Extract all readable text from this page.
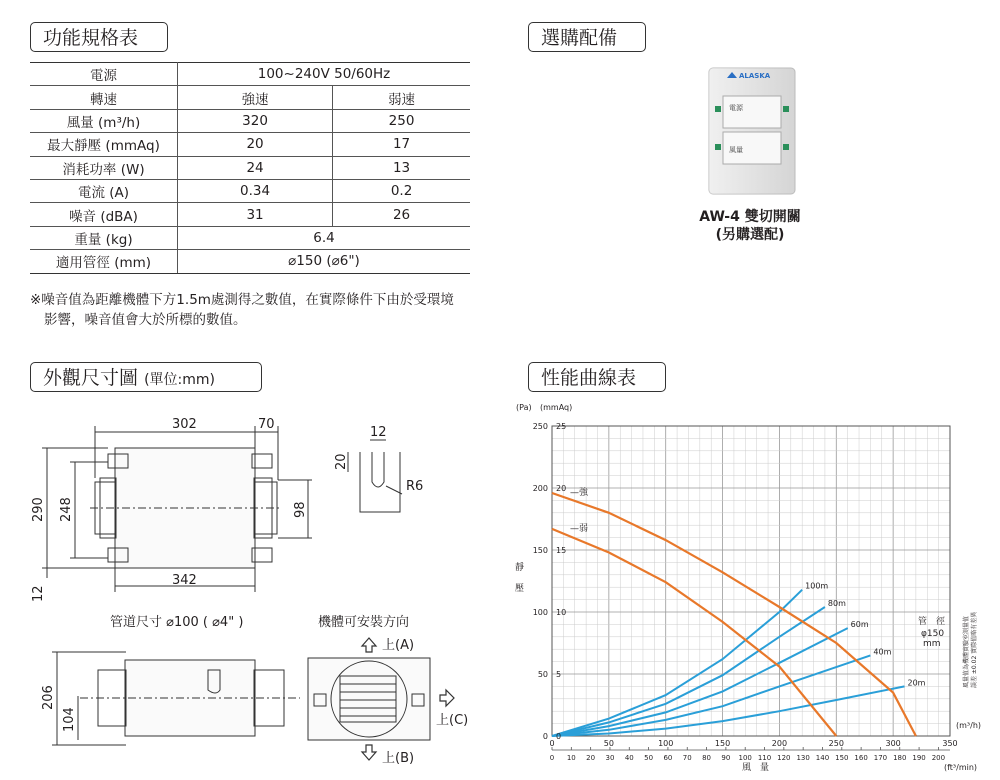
功能規格表
電源	100~240V 50/60Hz	
轉速	強速	弱速
風量 (m³/h)	320	250
最大靜壓 (mmAq)	20	17
消耗功率 (W)	24	13
電流 (A)	0.34	0.2
噪音 (dBA)	31	26
重量 (kg)	6.4	
適用管徑 (mm)	⌀150 (⌀6")	
※噪音值為距離機體下方1.5m處測得之數值，在實際條件下由於受環境
影響，噪音值會大於所標的數值。
選購配備
ALASKA
電源
風量
AW-4 雙切開關
(另購選配)
外觀尺寸圖 (單位:mm)
302	70
290 248	98
342
12
12
20
R6
管道尺寸 ⌀100 ( ⌀4" )	機體可安裝方向
上(A)
上(C)
上(B)
206
104
性能曲線表
0
50
100
150
200
250
0
5
10
15
20
25
0	50	100	150	200	250	300	350
0 10 20 30 40 50 60 70 80 90 100 110 120 130 140 150 160 170 180 190 200
100m
80m
60m
40m
20m
—強
—弱
(Pa) (mmAq)
靜
壓
風　量
(m³/h)
(ft³/min)
管　徑
φ150
mm	風量值為機體實驗室測量值 誤差 ±0.02 實際值略有差異
